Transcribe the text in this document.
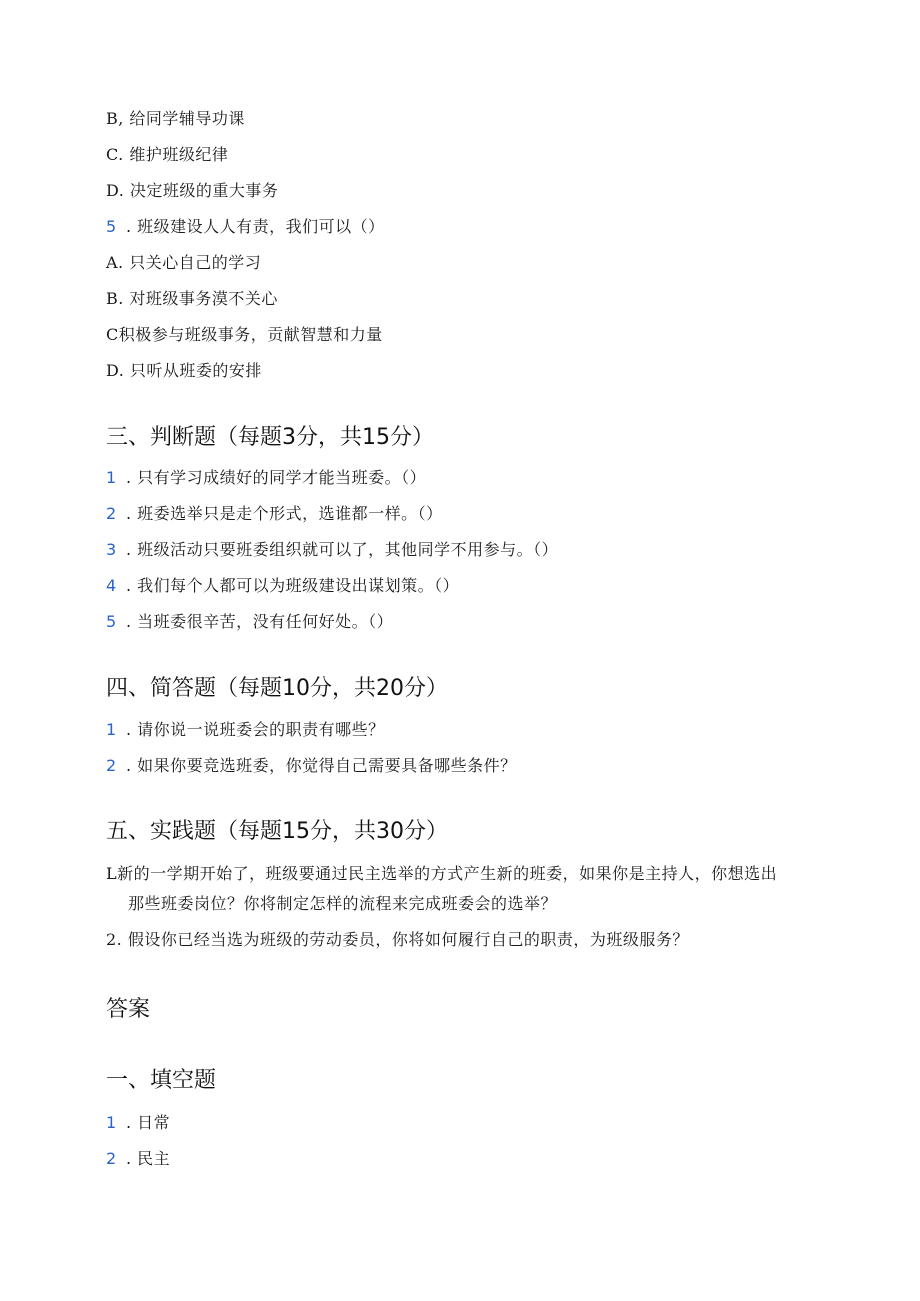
B, 给同学辅导功课
C. 维护班级纪律
D. 决定班级的重大事务
5 . 班级建设人人有责，我们可以（）
A. 只关心自己的学习
B. 对班级事务漠不关心
C积极参与班级事务，贡献智慧和力量
D. 只听从班委的安排
三、判断题（每题3分，共15分）
1 . 只有学习成绩好的同学才能当班委。（）
2 . 班委选举只是走个形式，选谁都一样。（）
3 . 班级活动只要班委组织就可以了，其他同学不用参与。（）
4 . 我们每个人都可以为班级建设出谋划策。（）
5 . 当班委很辛苦，没有任何好处。（）
四、简答题（每题10分，共20分）
1 . 请你说一说班委会的职责有哪些？
2 . 如果你要竞选班委，你觉得自己需要具备哪些条件？
五、实践题（每题15分，共30分）
L新的一学期开始了，班级要通过民主选举的方式产生新的班委，如果你是主持人，你想选出
那些班委岗位？你将制定怎样的流程来完成班委会的选举？
2. 假设你已经当选为班级的劳动委员，你将如何履行自己的职责，为班级服务？
答案
一、填空题
1 . 日常
2 . 民主
